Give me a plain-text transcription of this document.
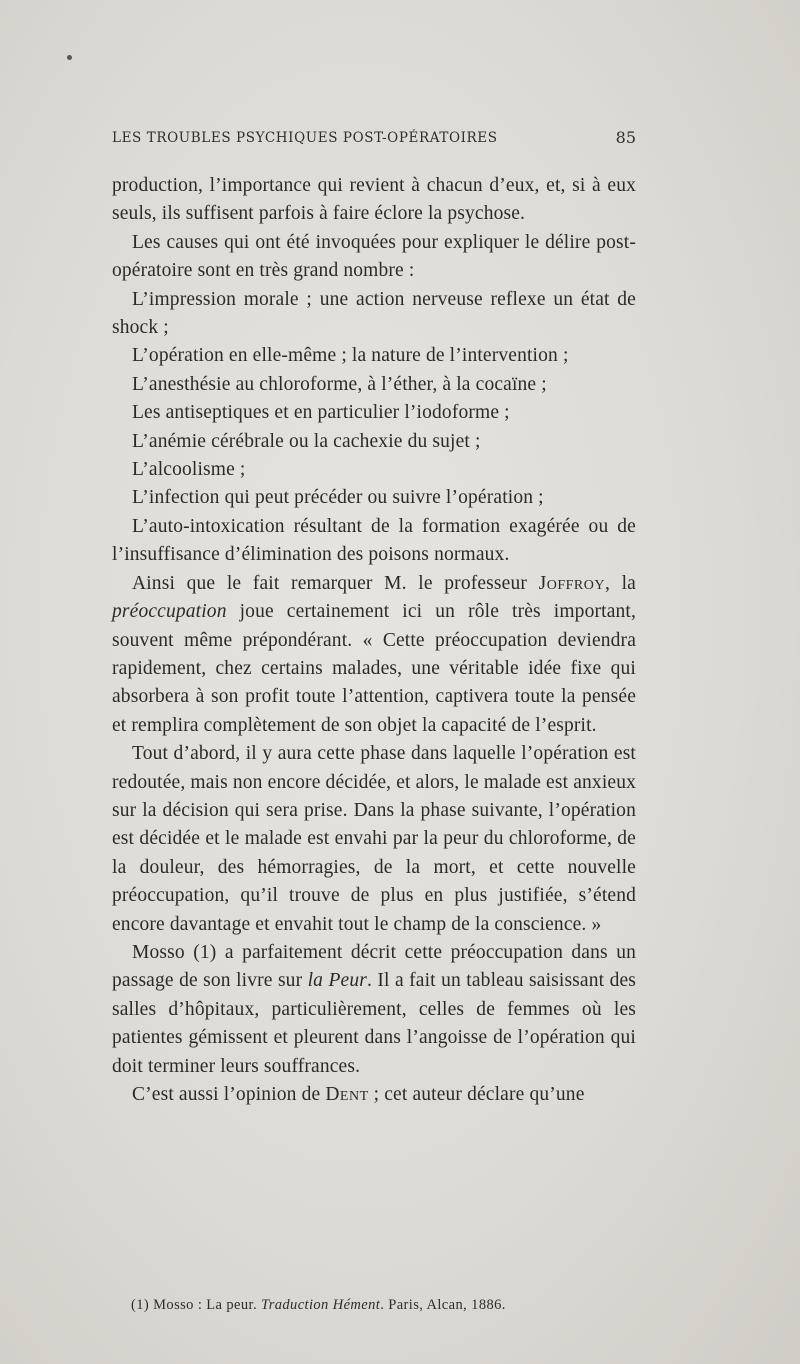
LES TROUBLES PSYCHIQUES POST-OPÉRATOIRES	85

production, l’importance qui revient à chacun d’eux, et, si à eux seuls, ils suffisent parfois à faire éclore la psychose.

Les causes qui ont été invoquées pour expliquer le délire post-opératoire sont en très grand nombre :

L’impression morale ; une action nerveuse reflexe un état de shock ;

L’opération en elle-même ; la nature de l’intervention ;

L’anesthésie au chloroforme, à l’éther, à la cocaïne ;

Les antiseptiques et en particulier l’iodoforme ;

L’anémie cérébrale ou la cachexie du sujet ;

L’alcoolisme ;

L’infection qui peut précéder ou suivre l’opération ;

L’auto-intoxication résultant de la formation exagérée ou de l’insuffisance d’élimination des poisons normaux.

Ainsi que le fait remarquer M. le professeur Joffroy, la préoccupation joue certainement ici un rôle très important, souvent même prépondérant. « Cette préoccupation deviendra rapidement, chez certains malades, une véritable idée fixe qui absorbera à son profit toute l’attention, captivera toute la pensée et remplira complètement de son objet la capacité de l’esprit.

Tout d’abord, il y aura cette phase dans laquelle l’opération est redoutée, mais non encore décidée, et alors, le malade est anxieux sur la décision qui sera prise. Dans la phase suivante, l’opération est décidée et le malade est envahi par la peur du chloroforme, de la douleur, des hémorragies, de la mort, et cette nouvelle préoccupation, qu’il trouve de plus en plus justifiée, s’étend encore davantage et envahit tout le champ de la conscience. »

Mosso (1) a parfaitement décrit cette préoccupation dans un passage de son livre sur la Peur. Il a fait un tableau saisissant des salles d’hôpitaux, particulièrement, celles de femmes où les patientes gémissent et pleurent dans l’angoisse de l’opération qui doit terminer leurs souffrances.

C’est aussi l’opinion de Dent ; cet auteur déclare qu’une

(1) Mosso : La peur. Traduction Hément. Paris, Alcan, 1886.
